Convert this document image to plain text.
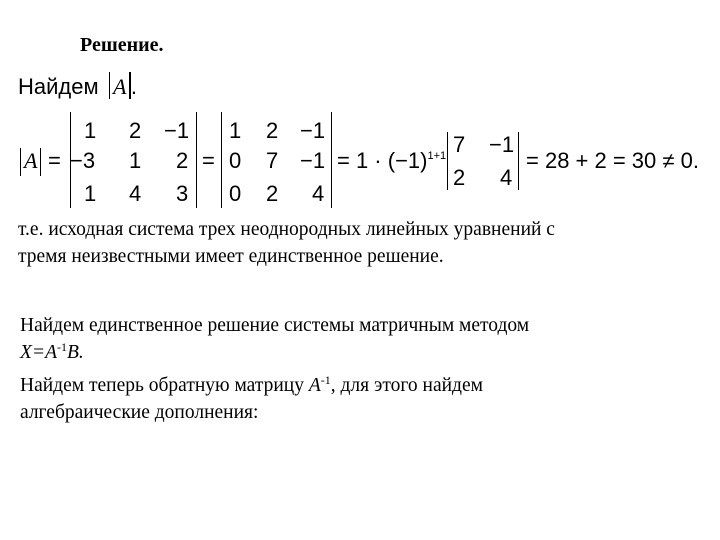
Решение.
Найдем A .
A =
1 2 −1
−3 1 2
1 4 3
=
1 2 −1
0 7 −1
0 2 4
= $1 \cdot (-1)^{1+1}$ 7 −1
2 4
= 28 + 2 = 30 ≠ 0.
т.е. исходная система трех неоднородных линейных уравнений с
тремя неизвестными имеет единственное решение.
Найдем единственное решение системы матричным методом
$X=A^{-1}B$.
Найдем теперь обратную матрицу $A^{-1}$, для этого найдем
алгебраические дополнения:
